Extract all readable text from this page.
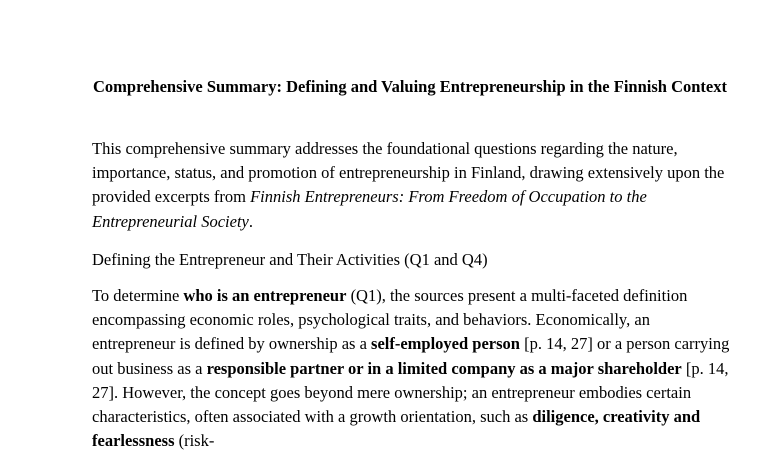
Comprehensive Summary: Defining and Valuing Entrepreneurship in the Finnish Context

This comprehensive summary addresses the foundational questions regarding the nature, importance, status, and promotion of entrepreneurship in Finland, drawing extensively upon the provided excerpts from Finnish Entrepreneurs: From Freedom of Occupation to the Entrepreneurial Society.

Defining the Entrepreneur and Their Activities (Q1 and Q4)

To determine who is an entrepreneur (Q1), the sources present a multi-faceted definition encompassing economic roles, psychological traits, and behaviors. Economically, an entrepreneur is defined by ownership as a self-employed person [p. 14, 27] or a person carrying out business as a responsible partner or in a limited company as a major shareholder [p. 14, 27]. However, the concept goes beyond mere ownership; an entrepreneur embodies certain characteristics, often associated with a growth orientation, such as diligence, creativity and fearlessness (risk-
